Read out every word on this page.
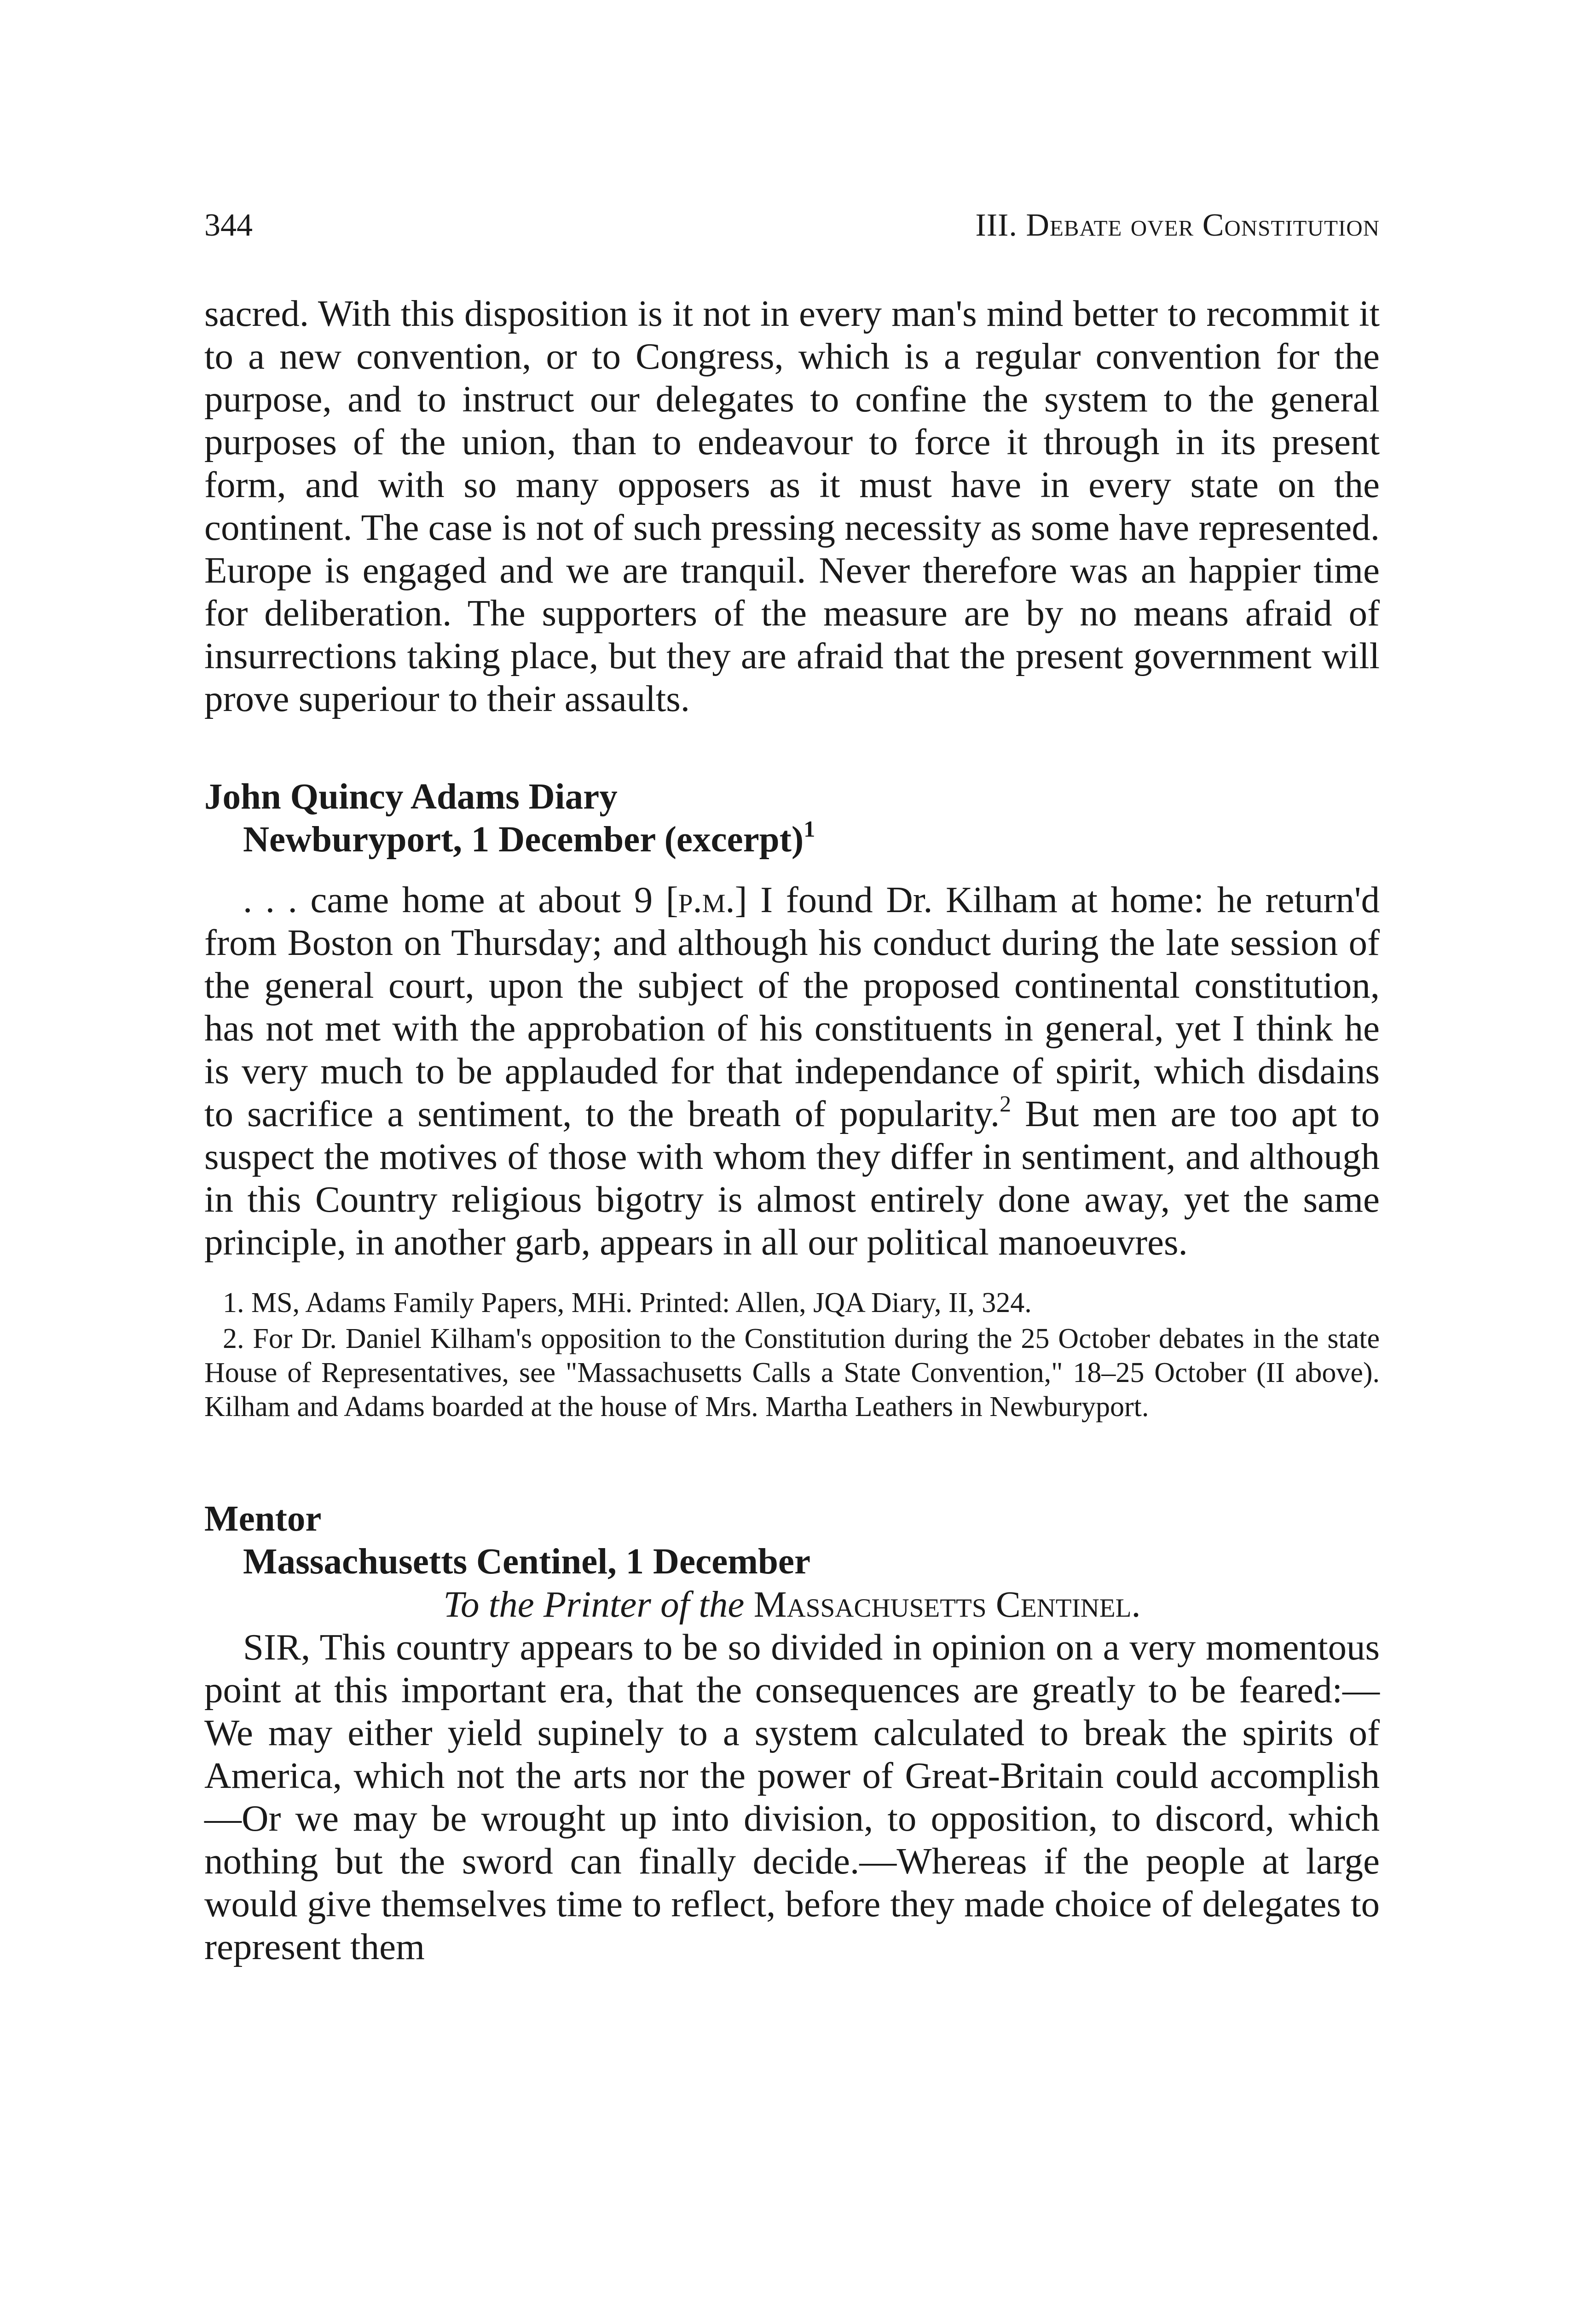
344	III. Debate over Constitution

sacred. With this disposition is it not in every man's mind better to recommit it to a new convention, or to Congress, which is a regular convention for the purpose, and to instruct our delegates to confine the system to the general purposes of the union, than to endeavour to force it through in its present form, and with so many opposers as it must have in every state on the continent. The case is not of such pressing necessity as some have represented. Europe is engaged and we are tranquil. Never therefore was an happier time for deliberation. The supporters of the measure are by no means afraid of insurrections taking place, but they are afraid that the present government will prove superiour to their assaults.

John Quincy Adams Diary
Newburyport, 1 December (excerpt)$^1$

. . . came home at about 9 [p.m.] I found Dr. Kilham at home: he return'd from Boston on Thursday; and although his conduct during the late session of the general court, upon the subject of the proposed continental constitution, has not met with the approbation of his constituents in general, yet I think he is very much to be applauded for that independance of spirit, which disdains to sacrifice a sentiment, to the breath of popularity.$^2$ But men are too apt to suspect the motives of those with whom they differ in sentiment, and although in this Country religious bigotry is almost entirely done away, yet the same principle, in another garb, appears in all our political manoeuvres.

1. MS, Adams Family Papers, MHi. Printed: Allen, JQA Diary, II, 324.

2. For Dr. Daniel Kilham's opposition to the Constitution during the 25 October debates in the state House of Representatives, see "Massachusetts Calls a State Convention," 18–25 October (II above). Kilham and Adams boarded at the house of Mrs. Martha Leathers in Newburyport.

Mentor
Massachusetts Centinel, 1 December

To the Printer of the Massachusetts Centinel.

SIR, This country appears to be so divided in opinion on a very momentous point at this important era, that the consequences are greatly to be feared:—We may either yield supinely to a system calculated to break the spirits of America, which not the arts nor the power of Great-Britain could accomplish—Or we may be wrought up into division, to opposition, to discord, which nothing but the sword can finally decide.—Whereas if the people at large would give themselves time to reflect, before they made choice of delegates to represent them
